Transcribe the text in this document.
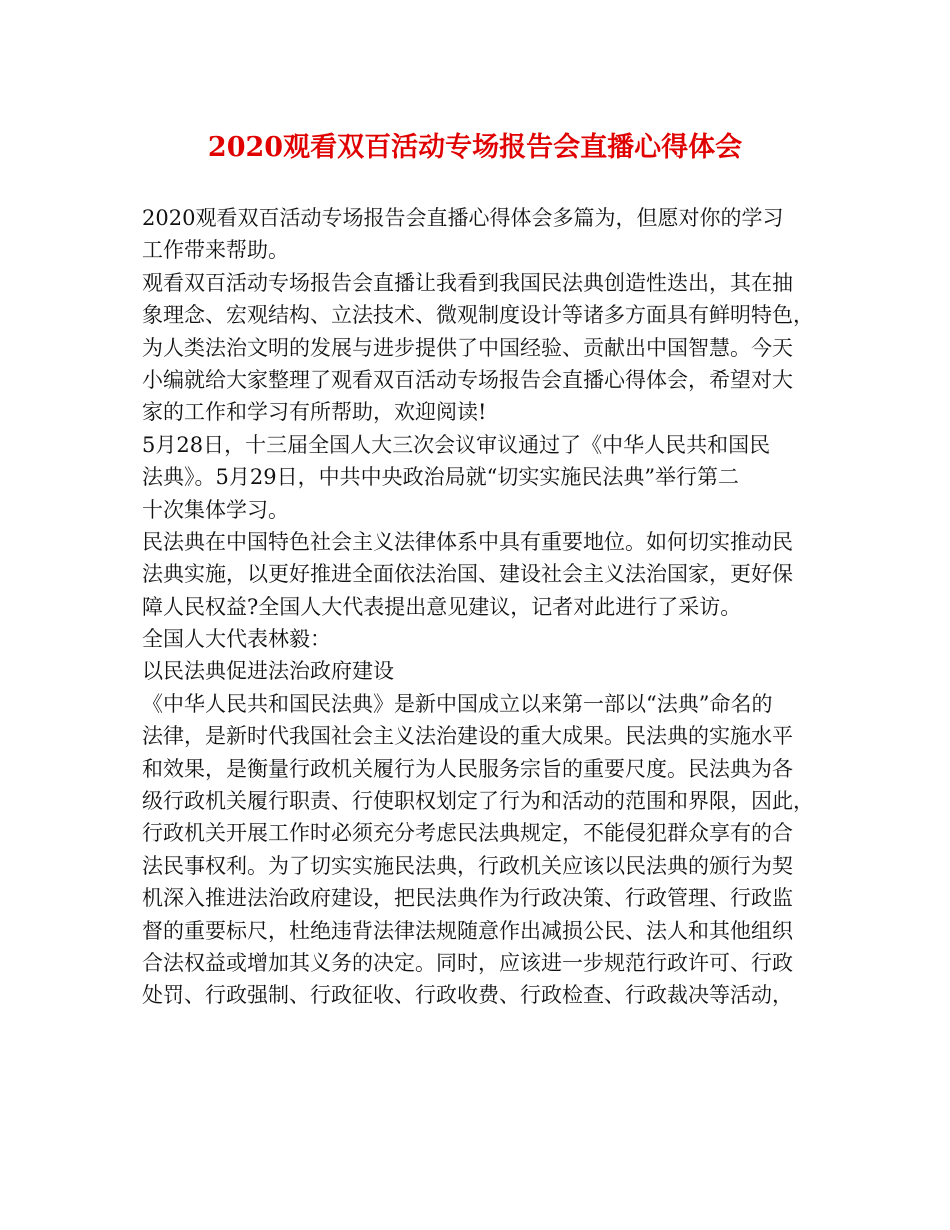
2020观看双百活动专场报告会直播心得体会
2020观看双百活动专场报告会直播心得体会多篇为，但愿对你的学习
工作带来帮助。
观看双百活动专场报告会直播让我看到我国民法典创造性迭出，其在抽
象理念、宏观结构、立法技术、微观制度设计等诸多方面具有鲜明特色，
为人类法治文明的发展与进步提供了中国经验、贡献出中国智慧。今天
小编就给大家整理了观看双百活动专场报告会直播心得体会，希望对大
家的工作和学习有所帮助，欢迎阅读!
5月28日，十三届全国人大三次会议审议通过了《中华人民共和国民
法典》。5月29日，中共中央政治局就“切实实施民法典”举行第二
十次集体学习。
民法典在中国特色社会主义法律体系中具有重要地位。如何切实推动民
法典实施，以更好推进全面依法治国、建设社会主义法治国家，更好保
障人民权益?全国人大代表提出意见建议，记者对此进行了采访。
全国人大代表林毅：
以民法典促进法治政府建设
《中华人民共和国民法典》是新中国成立以来第一部以“法典”命名的
法律，是新时代我国社会主义法治建设的重大成果。民法典的实施水平
和效果，是衡量行政机关履行为人民服务宗旨的重要尺度。民法典为各
级行政机关履行职责、行使职权划定了行为和活动的范围和界限，因此，
行政机关开展工作时必须充分考虑民法典规定，不能侵犯群众享有的合
法民事权利。为了切实实施民法典，行政机关应该以民法典的颁行为契
机深入推进法治政府建设，把民法典作为行政决策、行政管理、行政监
督的重要标尺，杜绝违背法律法规随意作出减损公民、法人和其他组织
合法权益或增加其义务的决定。同时，应该进一步规范行政许可、行政
处罚、行政强制、行政征收、行政收费、行政检查、行政裁决等活动，
